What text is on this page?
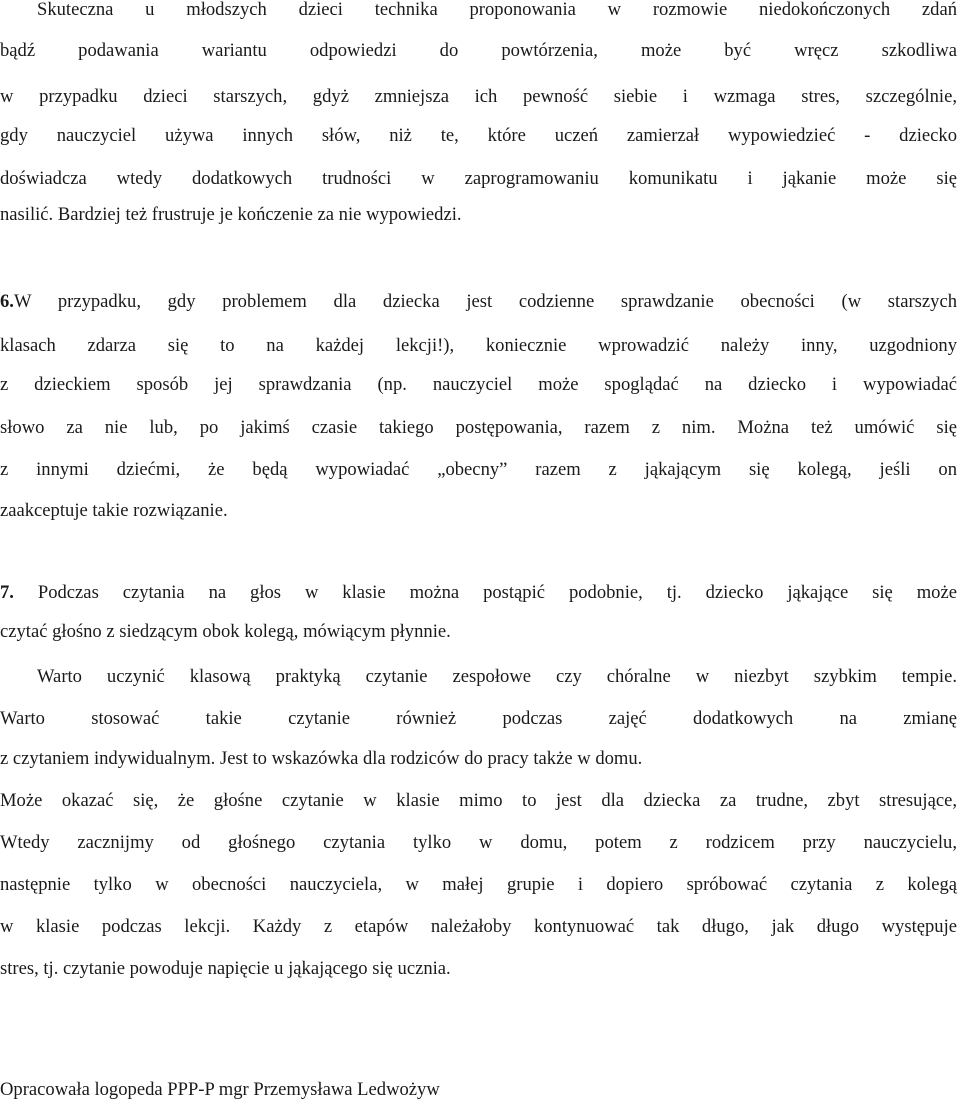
Skuteczna u młodszych dzieci technika proponowania w rozmowie niedokończonych zdań
bądź podawania wariantu odpowiedzi do powtórzenia, może być wręcz szkodliwa
w przypadku dzieci starszych, gdyż zmniejsza ich pewność siebie i wzmaga stres, szczególnie,
gdy nauczyciel używa innych słów, niż te, które uczeń zamierzał wypowiedzieć - dziecko
doświadcza wtedy dodatkowych trudności w zaprogramowaniu komunikatu i jąkanie może się
nasilić. Bardziej też frustruje je kończenie za nie wypowiedzi.
6.W przypadku, gdy problemem dla dziecka jest codzienne sprawdzanie obecności (w starszych
klasach zdarza się to na każdej lekcji!), koniecznie wprowadzić należy inny, uzgodniony
z dzieckiem sposób jej sprawdzania (np. nauczyciel może spoglądać na dziecko i wypowiadać
słowo za nie lub, po jakimś czasie takiego postępowania, razem z nim. Można też umówić się
z innymi dziećmi, że będą wypowiadać „obecny” razem z jąkającym się kolegą, jeśli on
zaakceptuje takie rozwiązanie.
7. Podczas czytania na głos w klasie można postąpić podobnie, tj. dziecko jąkające się może
czytać głośno z siedzącym obok kolegą, mówiącym płynnie.
Warto uczynić klasową praktyką czytanie zespołowe czy chóralne w niezbyt szybkim tempie.
Warto stosować takie czytanie również podczas zajęć dodatkowych na zmianę
z czytaniem indywidualnym. Jest to wskazówka dla rodziców do pracy także w domu.
Może okazać się, że głośne czytanie w klasie mimo to jest dla dziecka za trudne, zbyt stresujące,
Wtedy zacznijmy od głośnego czytania tylko w domu, potem z rodzicem przy nauczycielu,
następnie tylko w obecności nauczyciela, w małej grupie i dopiero spróbować czytania z kolegą
w klasie podczas lekcji. Każdy z etapów należałoby kontynuować tak długo, jak długo występuje
stres, tj. czytanie powoduje napięcie u jąkającego się ucznia.
Opracowała logopeda PPP-P mgr Przemysława Ledwożyw
